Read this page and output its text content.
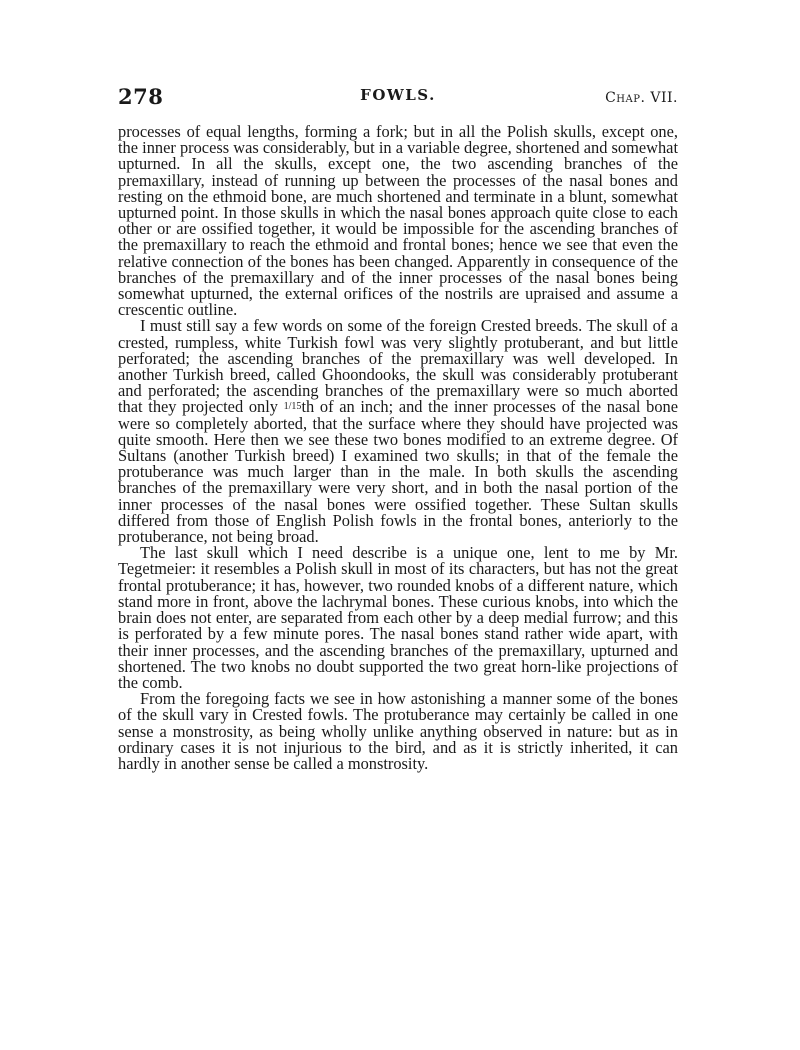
278	FOWLS.	Chap. VII.

processes of equal lengths, forming a fork; but in all the Polish skulls, except one, the inner process was considerably, but in a variable degree, shortened and somewhat upturned. In all the skulls, except one, the two ascending branches of the premaxillary, instead of running up between the processes of the nasal bones and resting on the ethmoid bone, are much shortened and terminate in a blunt, somewhat upturned point. In those skulls in which the nasal bones approach quite close to each other or are ossified together, it would be impossible for the ascending branches of the premaxillary to reach the ethmoid and frontal bones; hence we see that even the relative connection of the bones has been changed. Apparently in consequence of the branches of the premaxillary and of the inner processes of the nasal bones being somewhat upturned, the external orifices of the nostrils are upraised and assume a crescentic outline.

I must still say a few words on some of the foreign Crested breeds. The skull of a crested, rumpless, white Turkish fowl was very slightly protuberant, and but little perforated; the ascending branches of the premaxillary was well developed. In another Turkish breed, called Ghoondooks, the skull was considerably protuberant and perforated; the ascending branches of the premaxillary were so much aborted that they projected only 1/15th of an inch; and the inner processes of the nasal bone were so completely aborted, that the surface where they should have projected was quite smooth. Here then we see these two bones modified to an extreme degree. Of Sultans (another Turkish breed) I examined two skulls; in that of the female the protuberance was much larger than in the male. In both skulls the ascending branches of the premaxillary were very short, and in both the nasal portion of the inner processes of the nasal bones were ossified together. These Sultan skulls differed from those of English Polish fowls in the frontal bones, anteriorly to the protuberance, not being broad.

The last skull which I need describe is a unique one, lent to me by Mr. Tegetmeier: it resembles a Polish skull in most of its characters, but has not the great frontal protuberance; it has, however, two rounded knobs of a different nature, which stand more in front, above the lachrymal bones. These curious knobs, into which the brain does not enter, are separated from each other by a deep medial furrow; and this is perforated by a few minute pores. The nasal bones stand rather wide apart, with their inner processes, and the ascending branches of the premaxillary, upturned and shortened. The two knobs no doubt supported the two great horn-like projections of the comb.

From the foregoing facts we see in how astonishing a manner some of the bones of the skull vary in Crested fowls. The protuberance may certainly be called in one sense a monstrosity, as being wholly unlike anything observed in nature: but as in ordinary cases it is not injurious to the bird, and as it is strictly inherited, it can hardly in another sense be called a monstrosity.
